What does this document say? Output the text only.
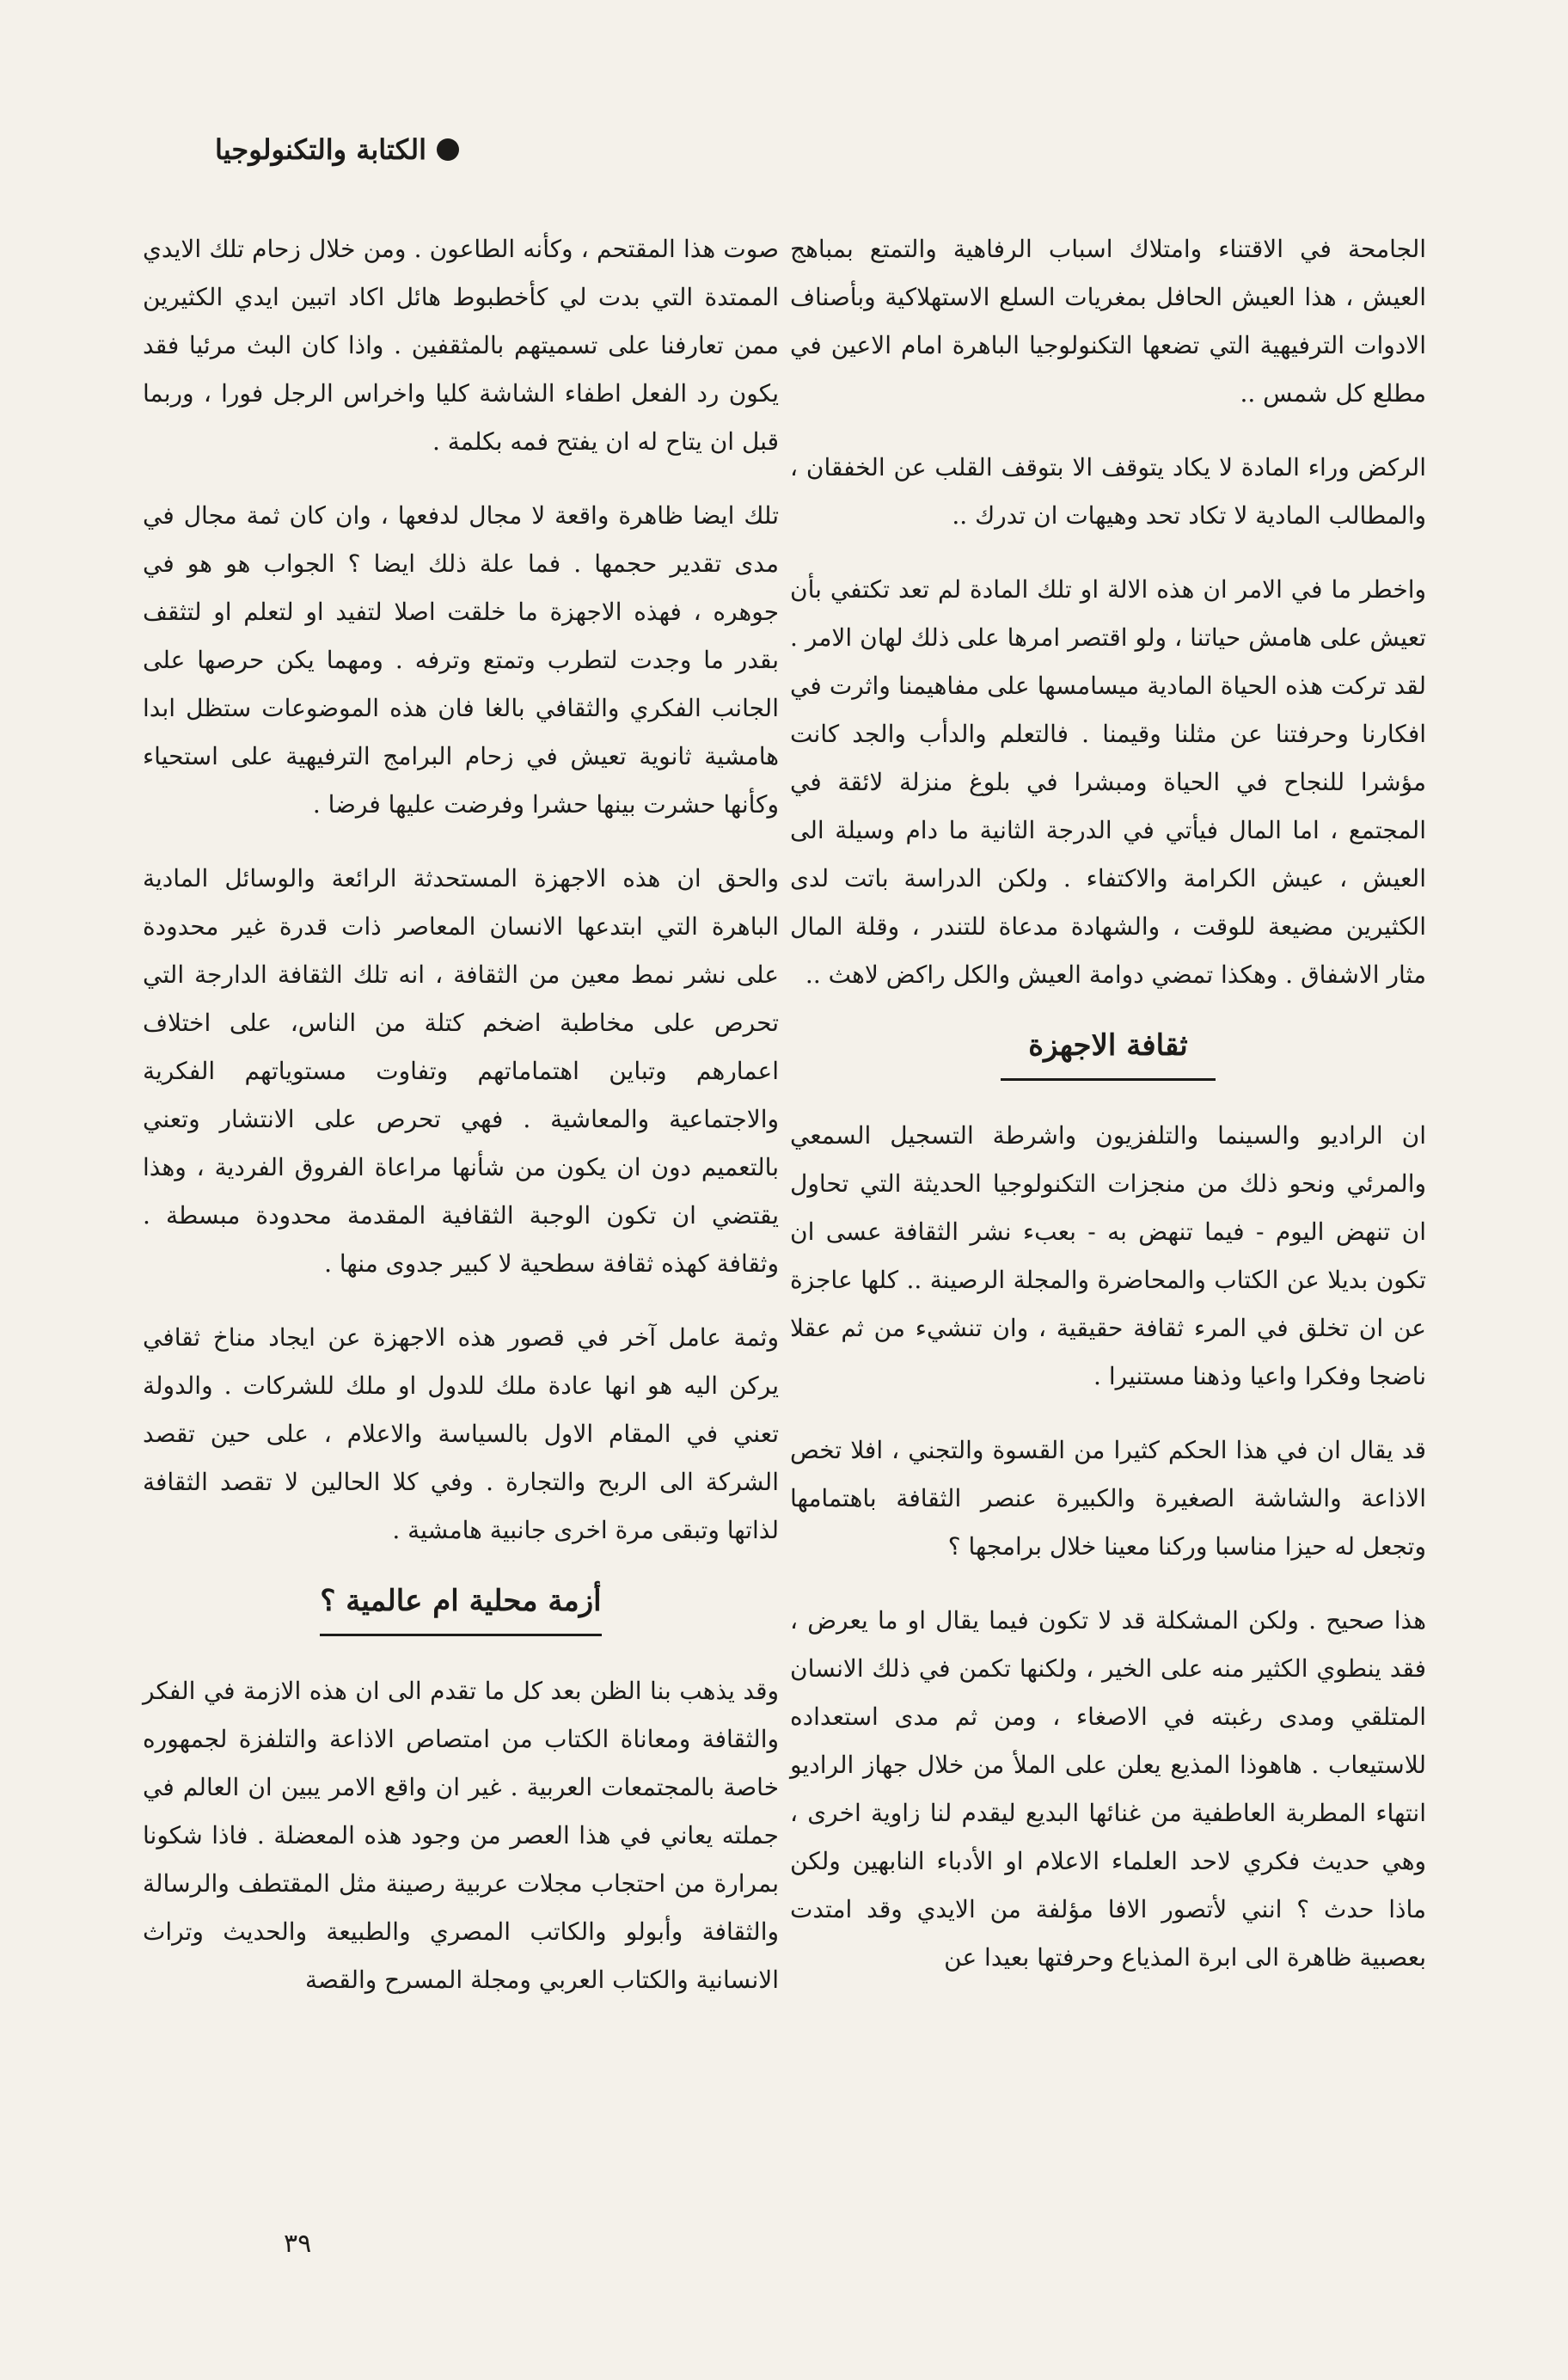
الكتابة والتكنولوجيا

الجامحة في الاقتناء وامتلاك اسباب الرفاهية والتمتع بمباهج العيش ، هذا العيش الحافل بمغريات السلع الاستهلاكية وبأصناف الادوات الترفيهية التي تضعها التكنولوجيا الباهرة امام الاعين في مطلع كل شمس ..

الركض وراء المادة لا يكاد يتوقف الا بتوقف القلب عن الخفقان ، والمطالب المادية لا تكاد تحد وهيهات ان تدرك ..

واخطر ما في الامر ان هذه الالة او تلك المادة لم تعد تكتفي بأن تعيش على هامش حياتنا ، ولو اقتصر امرها على ذلك لهان الامر . لقد تركت هذه الحياة المادية ميسامسها على مفاهيمنا واثرت في افكارنا وحرفتنا عن مثلنا وقيمنا . فالتعلم والدأب والجد كانت مؤشرا للنجاح في الحياة ومبشرا في بلوغ منزلة لائقة في المجتمع ، اما المال فيأتي في الدرجة الثانية ما دام وسيلة الى العيش ، عيش الكرامة والاكتفاء . ولكن الدراسة باتت لدى الكثيرين مضيعة للوقت ، والشهادة مدعاة للتندر ، وقلة المال مثار الاشفاق . وهكذا تمضي دوامة العيش والكل راكض لاهث ..

ثقافة الاجهزة

ان الراديو والسينما والتلفزيون واشرطة التسجيل السمعي والمرئي ونحو ذلك من منجزات التكنولوجيا الحديثة التي تحاول ان تنهض اليوم - فيما تنهض به - بعبء نشر الثقافة عسى ان تكون بديلا عن الكتاب والمحاضرة والمجلة الرصينة .. كلها عاجزة عن ان تخلق في المرء ثقافة حقيقية ، وان تنشيء من ثم عقلا ناضجا وفكرا واعيا وذهنا مستنيرا .

قد يقال ان في هذا الحكم كثيرا من القسوة والتجني ، افلا تخص الاذاعة والشاشة الصغيرة والكبيرة عنصر الثقافة باهتمامها وتجعل له حيزا مناسبا وركنا معينا خلال برامجها ؟

هذا صحيح . ولكن المشكلة قد لا تكون فيما يقال او ما يعرض ، فقد ينطوي الكثير منه على الخير ، ولكنها تكمن في ذلك الانسان المتلقي ومدى رغبته في الاصغاء ، ومن ثم مدى استعداده للاستيعاب . هاهوذا المذيع يعلن على الملأ من خلال جهاز الراديو انتهاء المطربة العاطفية من غنائها البديع ليقدم لنا زاوية اخرى ، وهي حديث فكري لاحد العلماء الاعلام او الأدباء النابهين ولكن ماذا حدث ؟ انني لأتصور الافا مؤلفة من الايدي وقد امتدت بعصبية ظاهرة الى ابرة المذياع وحرفتها بعيدا عن

صوت هذا المقتحم ، وكأنه الطاعون . ومن خلال زحام تلك الايدي الممتدة التي بدت لي كأخطبوط هائل اكاد اتبين ايدي الكثيرين ممن تعارفنا على تسميتهم بالمثقفين . واذا كان البث مرئيا فقد يكون رد الفعل اطفاء الشاشة كليا واخراس الرجل فورا ، وربما قبل ان يتاح له ان يفتح فمه بكلمة .

تلك ايضا ظاهرة واقعة لا مجال لدفعها ، وان كان ثمة مجال في مدى تقدير حجمها . فما علة ذلك ايضا ؟ الجواب هو هو في جوهره ، فهذه الاجهزة ما خلقت اصلا لتفيد او لتعلم او لتثقف بقدر ما وجدت لتطرب وتمتع وترفه . ومهما يكن حرصها على الجانب الفكري والثقافي بالغا فان هذه الموضوعات ستظل ابدا هامشية ثانوية تعيش في زحام البرامج الترفيهية على استحياء وكأنها حشرت بينها حشرا وفرضت عليها فرضا .

والحق ان هذه الاجهزة المستحدثة الرائعة والوسائل المادية الباهرة التي ابتدعها الانسان المعاصر ذات قدرة غير محدودة على نشر نمط معين من الثقافة ، انه تلك الثقافة الدارجة التي تحرص على مخاطبة اضخم كتلة من الناس، على اختلاف اعمارهم وتباين اهتماماتهم وتفاوت مستوياتهم الفكرية والاجتماعية والمعاشية . فهي تحرص على الانتشار وتعني بالتعميم دون ان يكون من شأنها مراعاة الفروق الفردية ، وهذا يقتضي ان تكون الوجبة الثقافية المقدمة محدودة مبسطة . وثقافة كهذه ثقافة سطحية لا كبير جدوى منها .

وثمة عامل آخر في قصور هذه الاجهزة عن ايجاد مناخ ثقافي يركن اليه هو انها عادة ملك للدول او ملك للشركات . والدولة تعني في المقام الاول بالسياسة والاعلام ، على حين تقصد الشركة الى الربح والتجارة . وفي كلا الحالين لا تقصد الثقافة لذاتها وتبقى مرة اخرى جانبية هامشية .

أزمة محلية ام عالمية ؟

وقد يذهب بنا الظن بعد كل ما تقدم الى ان هذه الازمة في الفكر والثقافة ومعاناة الكتاب من امتصاص الاذاعة والتلفزة لجمهوره خاصة بالمجتمعات العربية . غير ان واقع الامر يبين ان العالم في جملته يعاني في هذا العصر من وجود هذه المعضلة . فاذا شكونا بمرارة من احتجاب مجلات عربية رصينة مثل المقتطف والرسالة والثقافة وأبولو والكاتب المصري والطبيعة والحديث وتراث الانسانية والكتاب العربي ومجلة المسرح والقصة

٣٩
